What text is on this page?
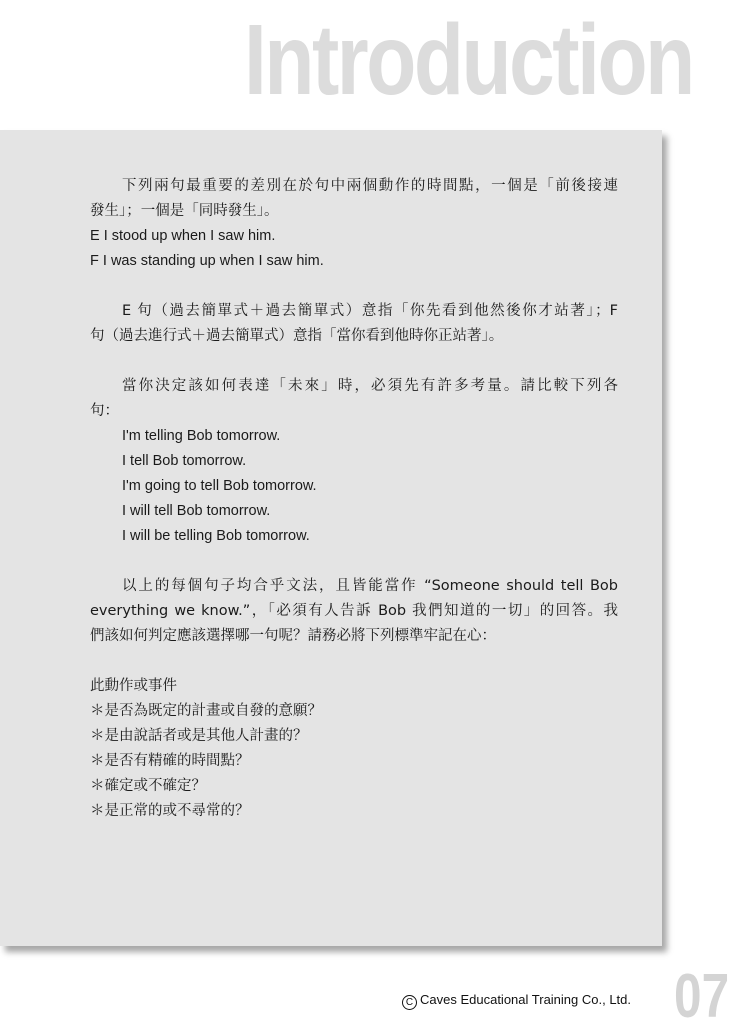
Introduction
下列兩句最重要的差別在於句中兩個動作的時間點，一個是「前後接連
發生」；一個是「同時發生」。
E I stood up when I saw him.
F I was standing up when I saw him.
E 句（過去簡單式＋過去簡單式）意指「你先看到他然後你才站著」；F
句（過去進行式＋過去簡單式）意指「當你看到他時你正站著」。
當你決定該如何表達「未來」時，必須先有許多考量。請比較下列各
句：
I'm telling Bob tomorrow.
I tell Bob tomorrow.
I'm going to tell Bob tomorrow.
I will tell Bob tomorrow.
I will be telling Bob tomorrow.
以上的每個句子均合乎文法，且皆能當作 “Someone should tell Bob
everything we know.”，「必須有人告訴 Bob 我們知道的一切」的回答。我
們該如何判定應該選擇哪一句呢？請務必將下列標準牢記在心：
此動作或事件
＊是否為既定的計畫或自發的意願？
＊是由說話者或是其他人計畫的？
＊是否有精確的時間點？
＊確定或不確定？
＊是正常的或不尋常的？
C Caves Educational Training Co., Ltd. 07
